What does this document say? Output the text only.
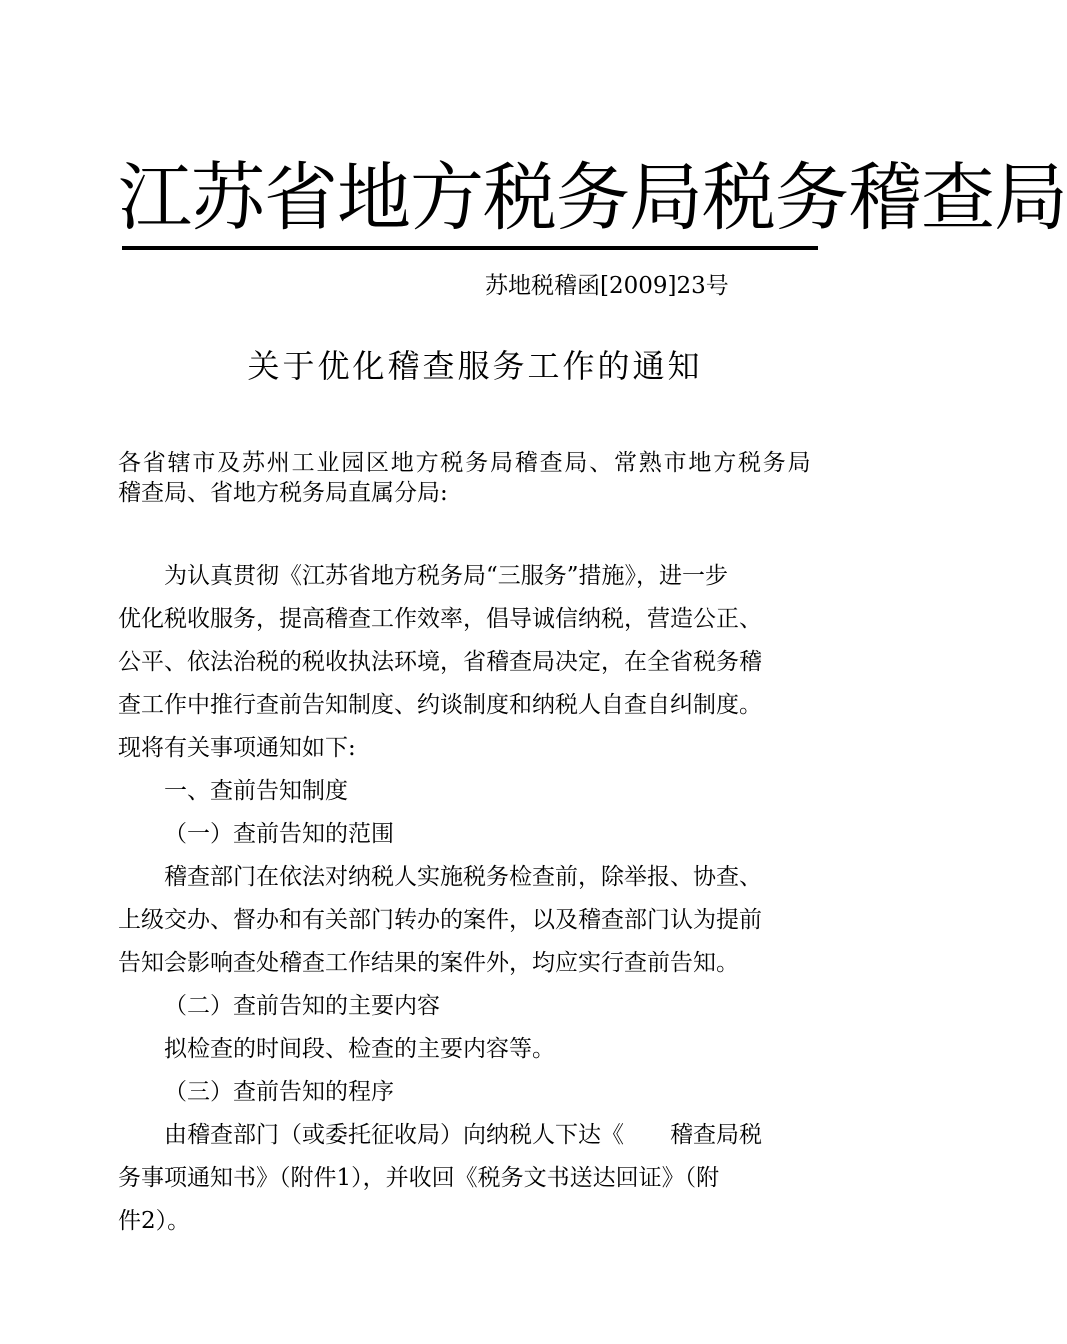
江苏省地方税务局税务稽查局
苏地税稽函[2009]23号
关于优化稽查服务工作的通知
各省辖市及苏州工业园区地方税务局稽查局、常熟市地方税务局
稽查局、省地方税务局直属分局:

为认真贯彻《江苏省地方税务局“三服务”措施》，进一步

优化税收服务，提高稽查工作效率，倡导诚信纳税，营造公正、

公平、依法治税的税收执法环境，省稽查局决定，在全省税务稽

查工作中推行查前告知制度、约谈制度和纳税人自查自纠制度。

现将有关事项通知如下:

一、查前告知制度

（一）查前告知的范围

稽查部门在依法对纳税人实施税务检查前，除举报、协查、

上级交办、督办和有关部门转办的案件，以及稽查部门认为提前

告知会影响查处稽查工作结果的案件外，均应实行查前告知。

（二）查前告知的主要内容

拟检查的时间段、检查的主要内容等。

（三）查前告知的程序

由稽查部门（或委托征收局）向纳税人下达《　　稽查局税

务事项通知书》（附件1），并收回《税务文书送达回证》（附

件2）。
